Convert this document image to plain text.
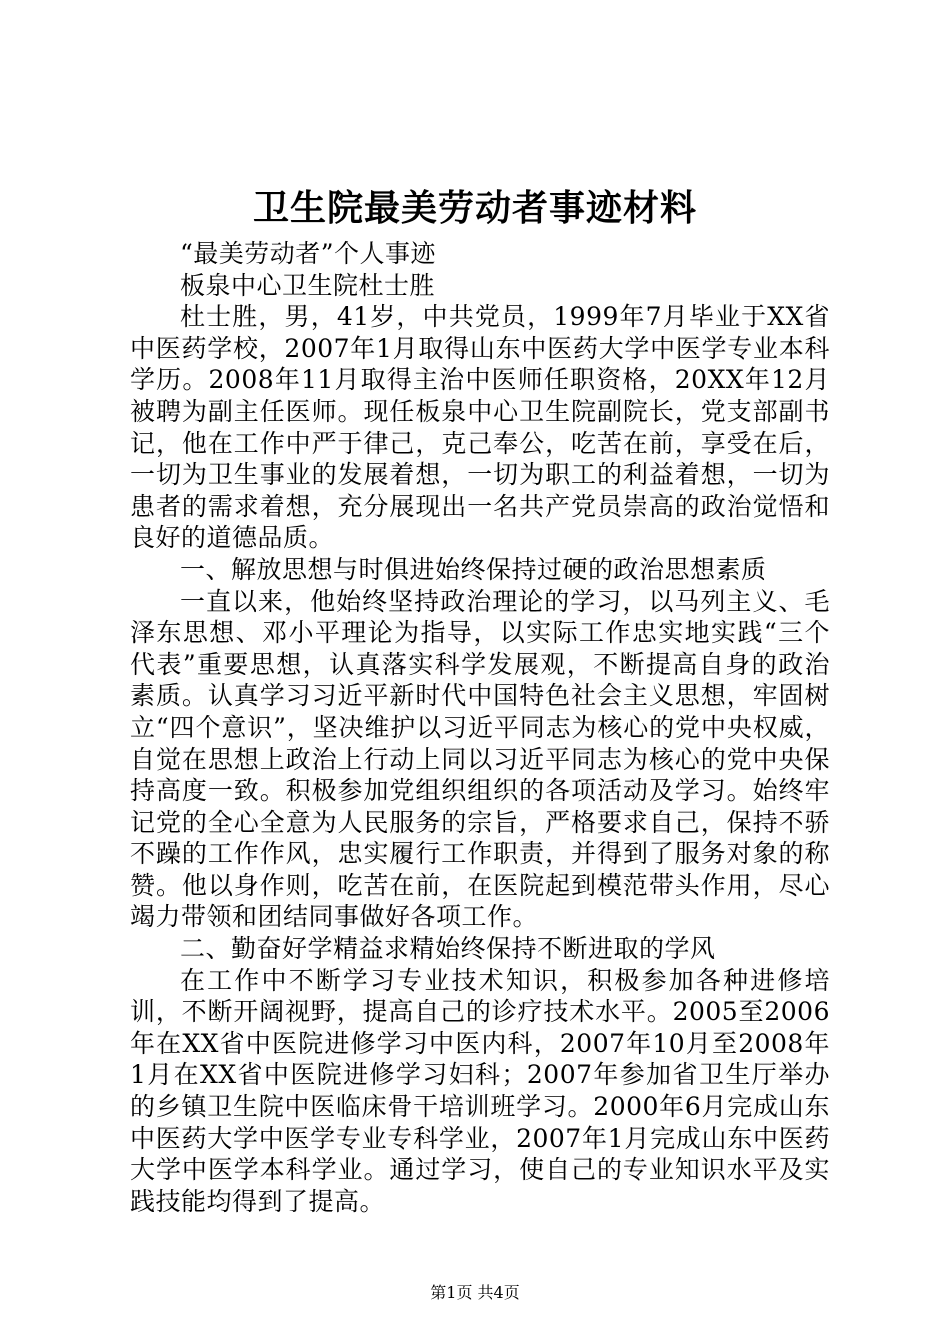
卫生院最美劳动者事迹材料

“最美劳动者”个人事迹

板泉中心卫生院杜士胜

杜士胜，男，41岁，中共党员，1999年7月毕业于XX省中医药学校，2007年1月取得山东中医药大学中医学专业本科学历。2008年11月取得主治中医师任职资格，20XX年12月被聘为副主任医师。现任板泉中心卫生院副院长，党支部副书记，他在工作中严于律己，克己奉公，吃苦在前，享受在后，一切为卫生事业的发展着想，一切为职工的利益着想，一切为患者的需求着想，充分展现出一名共产党员崇高的政治觉悟和良好的道德品质。

一、解放思想与时俱进始终保持过硬的政治思想素质

一直以来，他始终坚持政治理论的学习，以马列主义、毛泽东思想、邓小平理论为指导，以实际工作忠实地实践“三个代表”重要思想，认真落实科学发展观，不断提高自身的政治素质。认真学习习近平新时代中国特色社会主义思想，牢固树立“四个意识”，坚决维护以习近平同志为核心的党中央权威，自觉在思想上政治上行动上同以习近平同志为核心的党中央保持高度一致。积极参加党组织组织的各项活动及学习。始终牢记党的全心全意为人民服务的宗旨，严格要求自己，保持不骄不躁的工作作风，忠实履行工作职责，并得到了服务对象的称赞。他以身作则，吃苦在前，在医院起到模范带头作用，尽心竭力带领和团结同事做好各项工作。

二、勤奋好学精益求精始终保持不断进取的学风

在工作中不断学习专业技术知识，积极参加各种进修培训，不断开阔视野，提高自己的诊疗技术水平。2005至2006年在XX省中医院进修学习中医内科，2007年10月至2008年1月在XX省中医院进修学习妇科；2007年参加省卫生厅举办的乡镇卫生院中医临床骨干培训班学习。2000年6月完成山东中医药大学中医学专业专科学业，2007年1月完成山东中医药大学中医学本科学业。通过学习，使自己的专业知识水平及实践技能均得到了提高。

第1页 共4页
